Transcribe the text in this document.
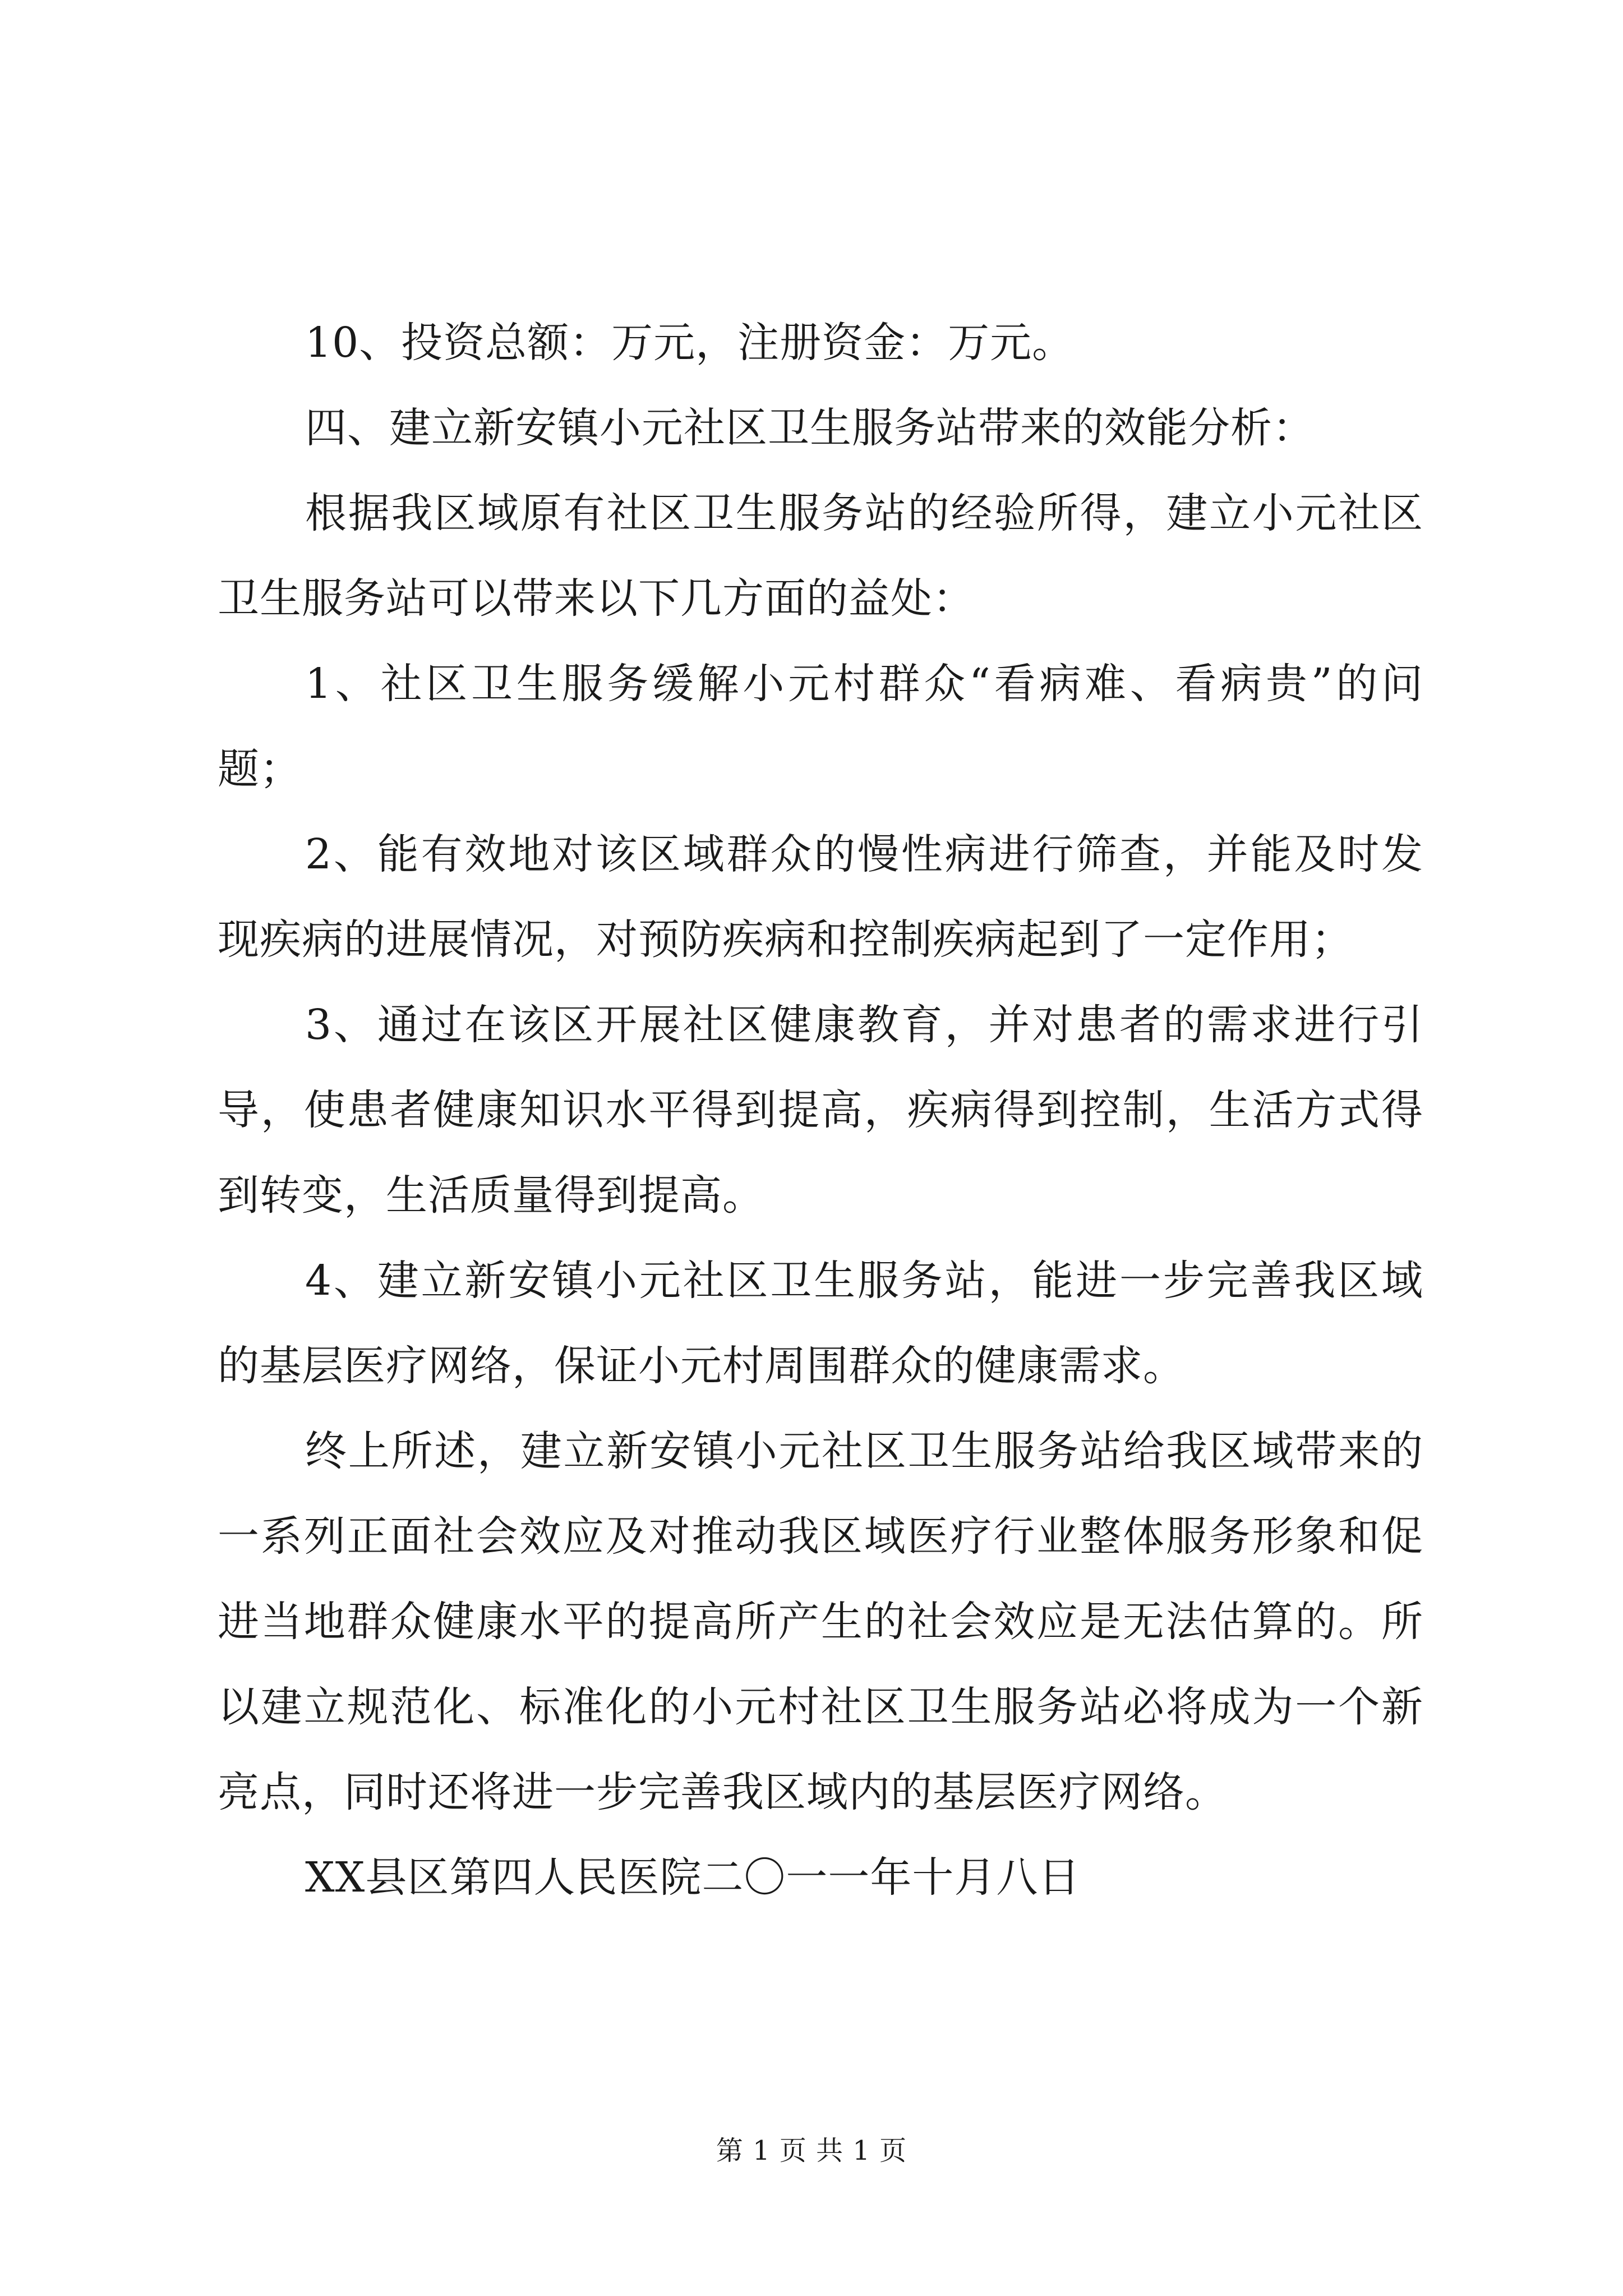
10、投资总额：万元，注册资金：万元。

四、建立新安镇小元社区卫生服务站带来的效能分析：

根据我区域原有社区卫生服务站的经验所得，建立小元社区卫生服务站可以带来以下几方面的益处：

1、社区卫生服务缓解小元村群众“看病难、看病贵”的问题；

2、能有效地对该区域群众的慢性病进行筛查，并能及时发现疾病的进展情况，对预防疾病和控制疾病起到了一定作用；

3、通过在该区开展社区健康教育，并对患者的需求进行引导，使患者健康知识水平得到提高，疾病得到控制，生活方式得到转变，生活质量得到提高。

4、建立新安镇小元社区卫生服务站，能进一步完善我区域的基层医疗网络，保证小元村周围群众的健康需求。

终上所述，建立新安镇小元社区卫生服务站给我区域带来的一系列正面社会效应及对推动我区域医疗行业整体服务形象和促进当地群众健康水平的提高所产生的社会效应是无法估算的。所以建立规范化、标准化的小元村社区卫生服务站必将成为一个新亮点，同时还将进一步完善我区域内的基层医疗网络。

XX县区第四人民医院二〇一一年十月八日

第 1 页 共 1 页
